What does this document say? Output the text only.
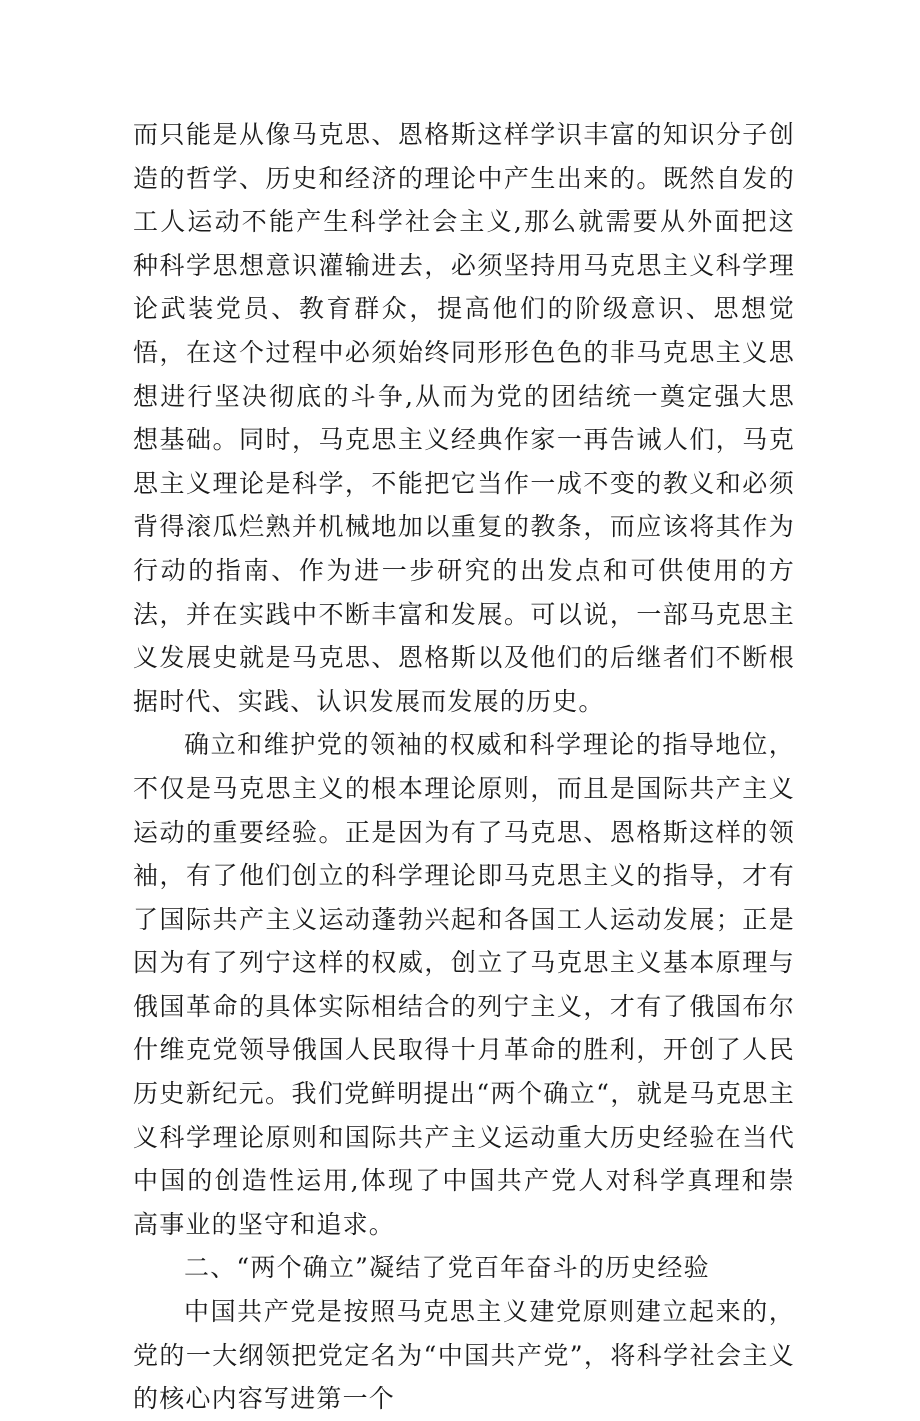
而只能是从像马克思、恩格斯这样学识丰富的知识分子创造的哲学、历史和经济的理论中产生出来的。既然自发的工人运动不能产生科学社会主义,那么就需要从外面把这种科学思想意识灌输进去，必须坚持用马克思主义科学理论武装党员、教育群众，提高他们的阶级意识、思想觉悟，在这个过程中必须始终同形形色色的非马克思主义思想进行坚决彻底的斗争,从而为党的团结统一奠定强大思想基础。同时，马克思主义经典作家一再告诫人们，马克思主义理论是科学，不能把它当作一成不变的教义和必须背得滚瓜烂熟并机械地加以重复的教条，而应该将其作为行动的指南、作为进一步研究的出发点和可供使用的方法，并在实践中不断丰富和发展。可以说，一部马克思主义发展史就是马克思、恩格斯以及他们的后继者们不断根据时代、实践、认识发展而发展的历史。

确立和维护党的领袖的权威和科学理论的指导地位，不仅是马克思主义的根本理论原则，而且是国际共产主义运动的重要经验。正是因为有了马克思、恩格斯这样的领袖，有了他们创立的科学理论即马克思主义的指导，才有了国际共产主义运动蓬勃兴起和各国工人运动发展；正是因为有了列宁这样的权威，创立了马克思主义基本原理与俄国革命的具体实际相结合的列宁主义，才有了俄国布尔什维克党领导俄国人民取得十月革命的胜利，开创了人民历史新纪元。我们党鲜明提出“两个确立“，就是马克思主义科学理论原则和国际共产主义运动重大历史经验在当代中国的创造性运用,体现了中国共产党人对科学真理和崇高事业的坚守和追求。

二、“两个确立”凝结了党百年奋斗的历史经验

中国共产党是按照马克思主义建党原则建立起来的，党的一大纲领把党定名为“中国共产党”，将科学社会主义的核心内容写进第一个
